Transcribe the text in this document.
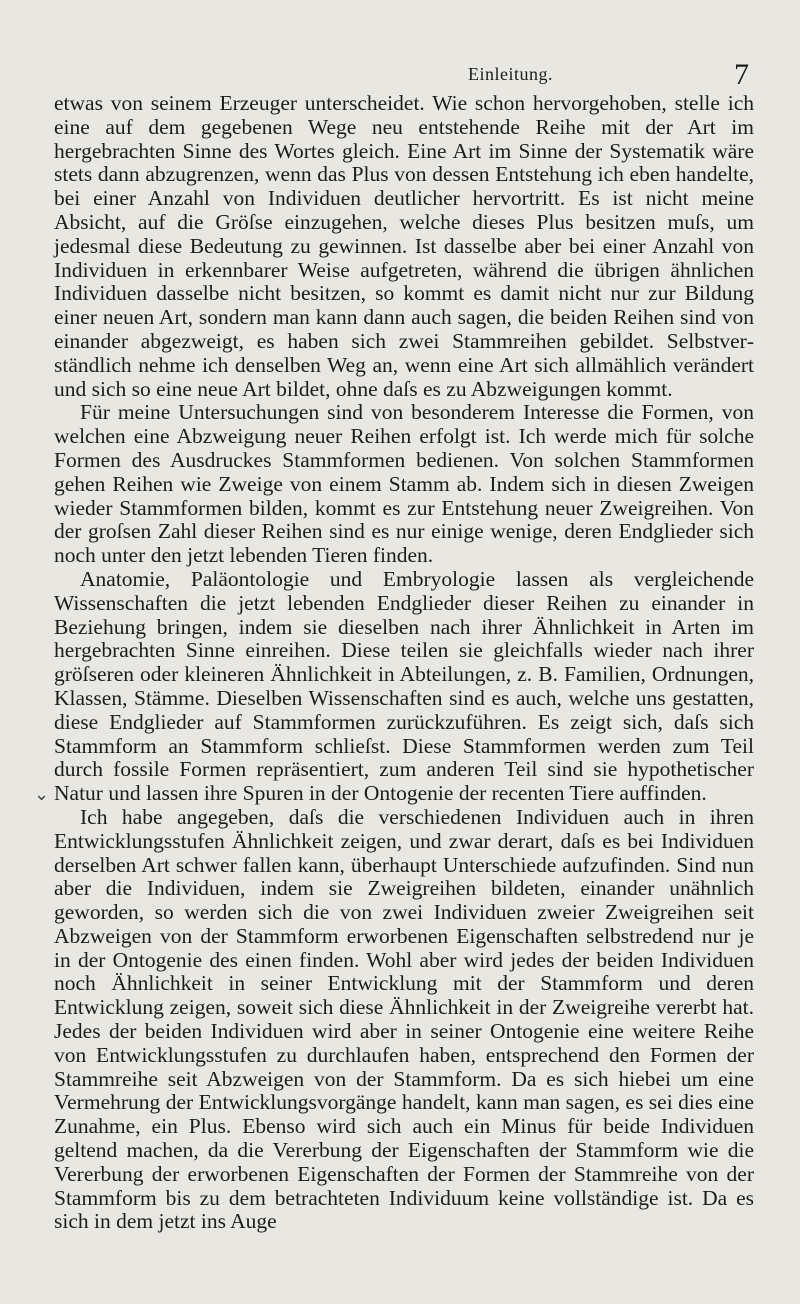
Einleitung.	7
⌄

etwas von seinem Erzeuger unterscheidet. Wie schon hervorgehoben, stelle ich eine auf dem gegebenen Wege neu entstehende Reihe mit der Art im hergebrachten Sinne des Wortes gleich. Eine Art im Sinne der Systematik wäre stets dann abzugrenzen, wenn das Plus von dessen Entstehung ich eben handelte, bei einer Anzahl von Individuen deutlicher hervortritt. Es ist nicht meine Absicht, auf die Gröſse einzugehen, welche dieses Plus besitzen muſs, um jedesmal diese Bedeutung zu gewinnen. Ist dasselbe aber bei einer Anzahl von Individuen in erkennbarer Weise aufgetreten, während die übrigen ähnlichen Individuen dasselbe nicht besitzen, so kommt es damit nicht nur zur Bildung einer neuen Art, sondern man kann dann auch sagen, die beiden Reihen sind von einander abgezweigt, es haben sich zwei Stammreihen gebildet. Selbstverständlich nehme ich denselben Weg an, wenn eine Art sich allmählich verändert und sich so eine neue Art bildet, ohne daſs es zu Abzweigungen kommt.

Für meine Untersuchungen sind von besonderem Interesse die Formen, von welchen eine Abzweigung neuer Reihen erfolgt ist. Ich werde mich für solche Formen des Ausdruckes Stammformen bedienen. Von solchen Stammformen gehen Reihen wie Zweige von einem Stamm ab. Indem sich in diesen Zweigen wieder Stammformen bilden, kommt es zur Entstehung neuer Zweigreihen. Von der groſsen Zahl dieser Reihen sind es nur einige wenige, deren Endglieder sich noch unter den jetzt lebenden Tieren finden.

Anatomie, Paläontologie und Embryologie lassen als vergleichende Wissenschaften die jetzt lebenden Endglieder dieser Reihen zu einander in Beziehung bringen, indem sie dieselben nach ihrer Ähnlichkeit in Arten im hergebrachten Sinne einreihen. Diese teilen sie gleichfalls wieder nach ihrer gröſseren oder kleineren Ähnlichkeit in Abteilungen, z. B. Familien, Ordnungen, Klassen, Stämme. Dieselben Wissenschaften sind es auch, welche uns gestatten, diese Endglieder auf Stammformen zurückzuführen. Es zeigt sich, daſs sich Stammform an Stammform schlieſst. Diese Stammformen werden zum Teil durch fossile Formen repräsentiert, zum anderen Teil sind sie hypothetischer Natur und lassen ihre Spuren in der Ontogenie der recenten Tiere auffinden.

Ich habe angegeben, daſs die verschiedenen Individuen auch in ihren Entwicklungsstufen Ähnlichkeit zeigen, und zwar derart, daſs es bei Individuen derselben Art schwer fallen kann, überhaupt Unterschiede aufzufinden. Sind nun aber die Individuen, indem sie Zweigreihen bildeten, einander unähnlich geworden, so werden sich die von zwei Individuen zweier Zweigreihen seit Abzweigen von der Stammform erworbenen Eigenschaften selbstredend nur je in der Ontogenie des einen finden. Wohl aber wird jedes der beiden Individuen noch Ähnlichkeit in seiner Entwicklung mit der Stammform und deren Entwicklung zeigen, soweit sich diese Ähnlichkeit in der Zweigreihe vererbt hat. Jedes der beiden Individuen wird aber in seiner Ontogenie eine weitere Reihe von Entwicklungsstufen zu durchlaufen haben, entsprechend den Formen der Stammreihe seit Abzweigen von der Stammform. Da es sich hiebei um eine Vermehrung der Entwicklungsvorgänge handelt, kann man sagen, es sei dies eine Zunahme, ein Plus. Ebenso wird sich auch ein Minus für beide Individuen geltend machen, da die Vererbung der Eigenschaften der Stammform wie die Vererbung der erworbenen Eigenschaften der Formen der Stammreihe von der Stammform bis zu dem betrachteten Individuum keine vollständige ist. Da es sich in dem jetzt ins Auge
